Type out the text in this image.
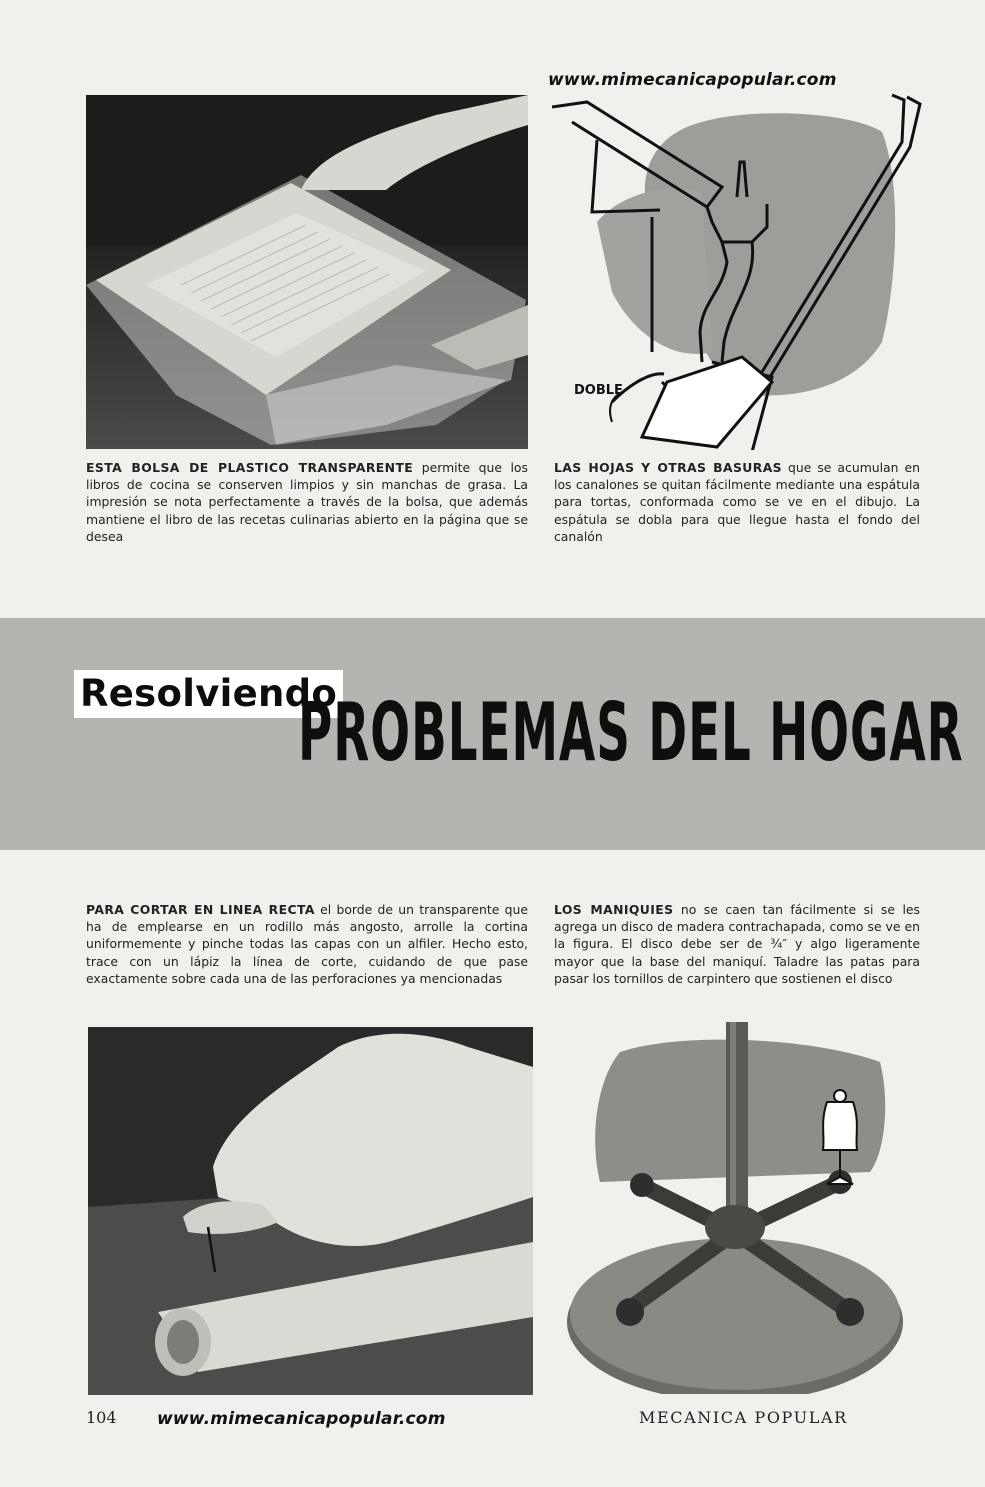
www.mimecanicapopular.com
DOBLE

ESTA BOLSA DE PLASTICO TRANSPARENTE permite que los libros de cocina se conserven limpios y sin manchas de grasa. La impresión se nota perfectamente a través de la bolsa, que además mantiene el libro de las recetas culinarias abierto en la página que se desea

LAS HOJAS Y OTRAS BASURAS que se acumulan en los canalones se quitan fácilmente mediante una espátula para tortas, conformada como se ve en el dibujo. La espátula se dobla para que llegue hasta el fondo del canalón

Resolviendo
PROBLEMAS DEL HOGAR

PARA CORTAR EN LINEA RECTA el borde de un transparente que ha de emplearse en un rodillo más angosto, arrolle la cortina uniformemente y pinche todas las capas con un alfiler. Hecho esto, trace con un lápiz la línea de corte, cuidando de que pase exactamente sobre cada una de las perforaciones ya mencionadas

LOS MANIQUIES no se caen tan fácilmente si se les agrega un disco de madera contrachapada, como se ve en la figura. El disco debe ser de ¾″ y algo ligeramente mayor que la base del maniquí. Taladre las patas para pasar los tornillos de carpintero que sostienen el disco

104 www.mimecanicapopular.com	MECANICA POPULAR
